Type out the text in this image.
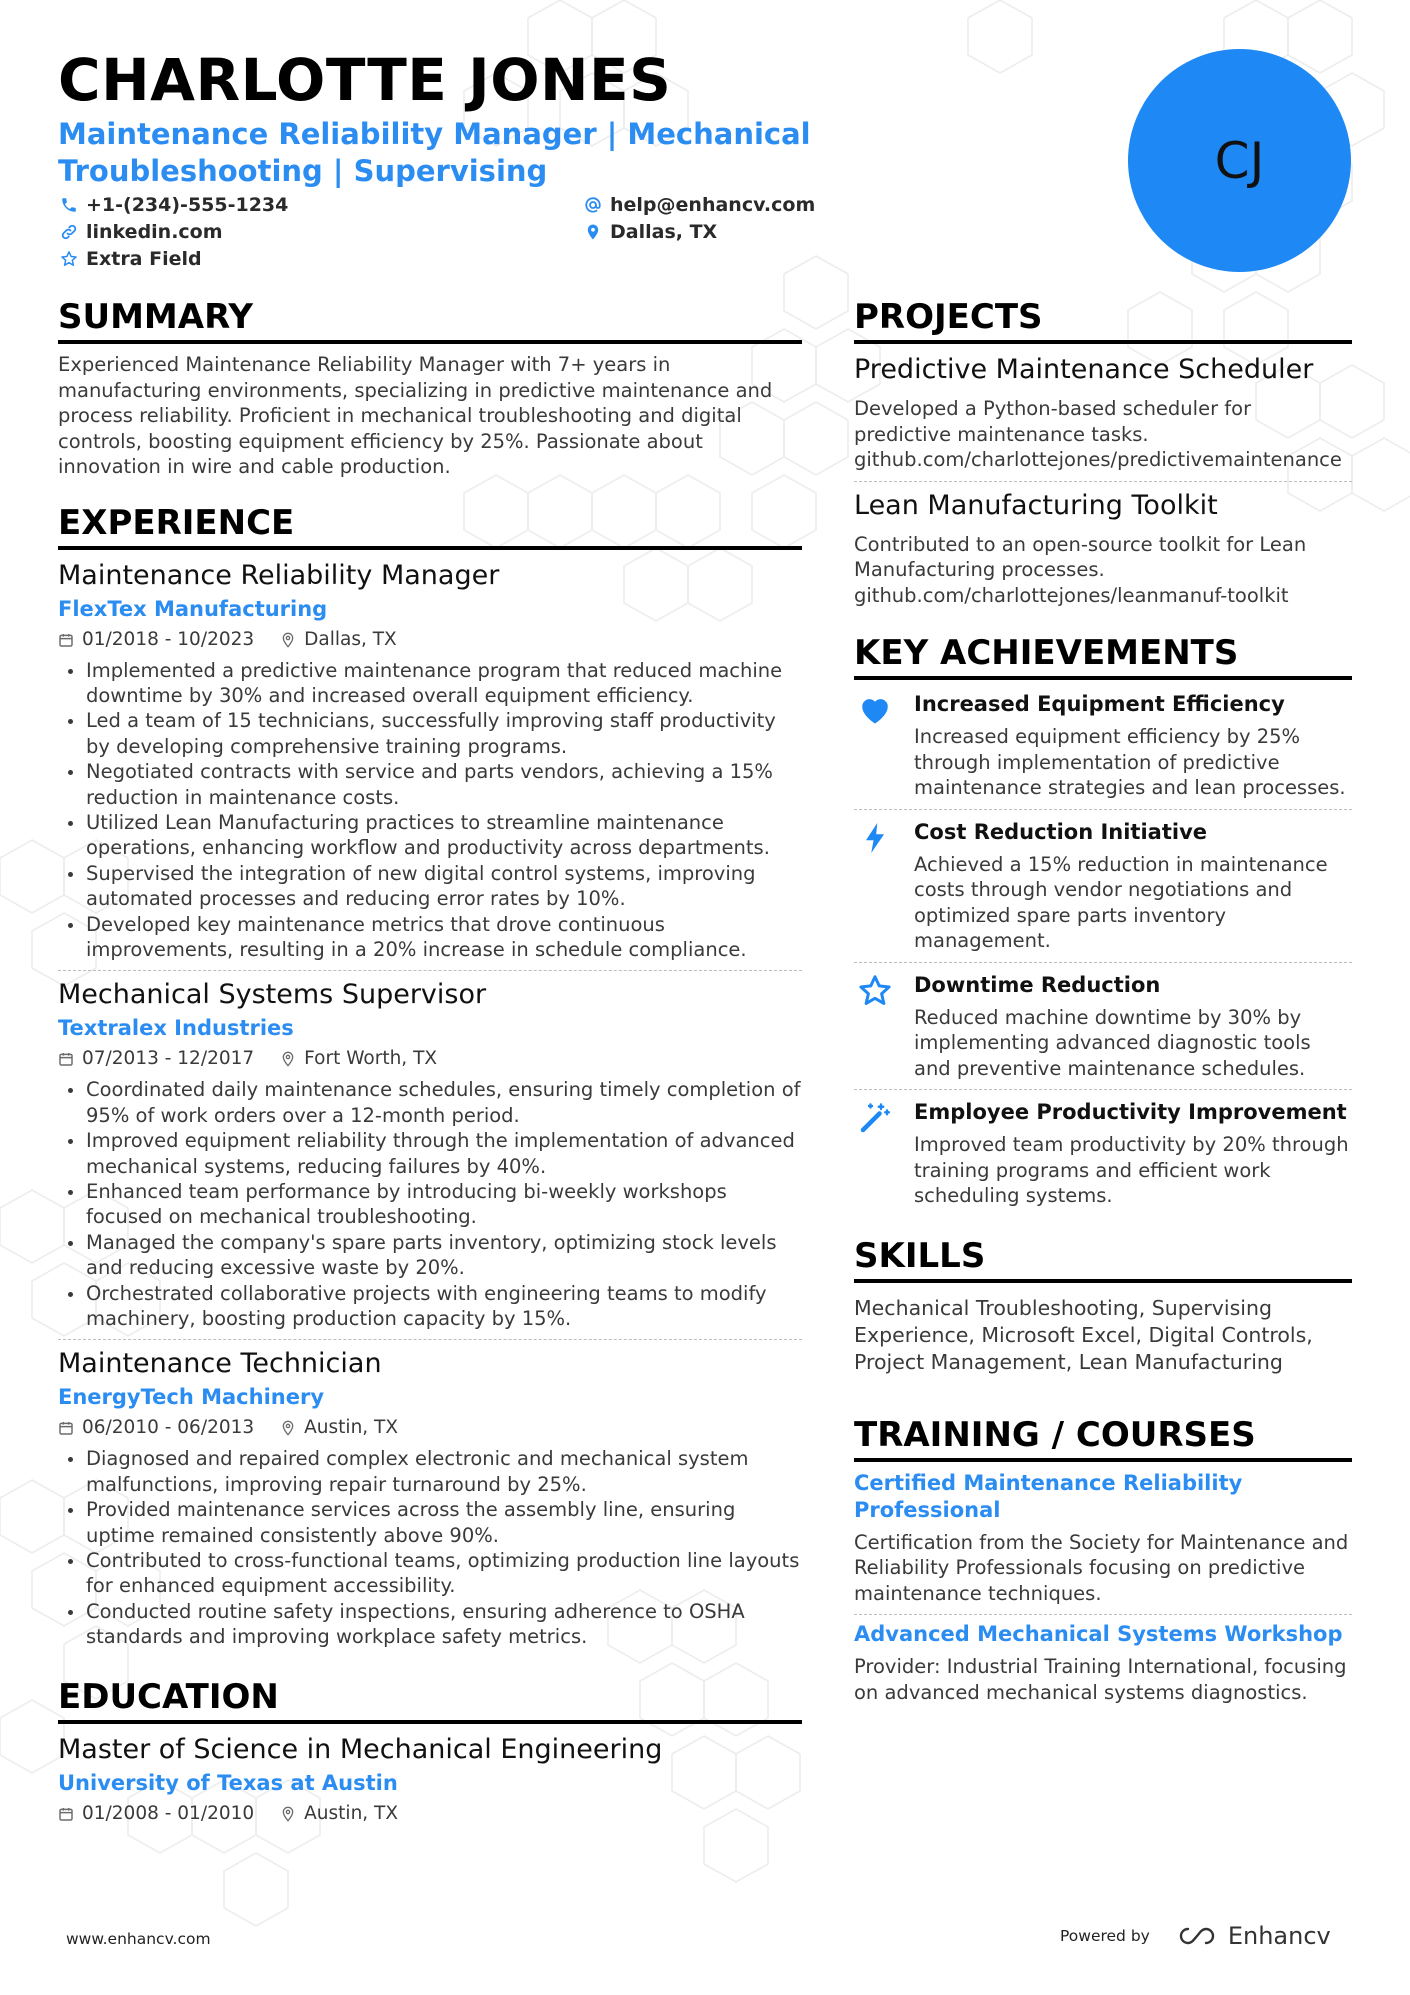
CHARLOTTE JONES
Maintenance Reliability Manager | Mechanical Troubleshooting | Supervising	CJ
+1-(234)-555-1234	help@enhancv.com
linkedin.com	Dallas, TX
Extra Field
SUMMARY
Experienced Maintenance Reliability Manager with 7+ years in manufacturing environments, specializing in predictive maintenance and process reliability. Proficient in mechanical troubleshooting and digital controls, boosting equipment efficiency by 25%. Passionate about innovation in wire and cable production.
EXPERIENCE
Maintenance Reliability Manager
FlexTex Manufacturing
01/2018 - 10/2023	Dallas, TX
Implemented a predictive maintenance program that reduced machine downtime by 30% and increased overall equipment efficiency.
Led a team of 15 technicians, successfully improving staff productivity by developing comprehensive training programs.
Negotiated contracts with service and parts vendors, achieving a 15% reduction in maintenance costs.
Utilized Lean Manufacturing practices to streamline maintenance operations, enhancing workflow and productivity across departments.
Supervised the integration of new digital control systems, improving automated processes and reducing error rates by 10%.
Developed key maintenance metrics that drove continuous improvements, resulting in a 20% increase in schedule compliance.
Mechanical Systems Supervisor
Textralex Industries
07/2013 - 12/2017	Fort Worth, TX
Coordinated daily maintenance schedules, ensuring timely completion of 95% of work orders over a 12-month period.
Improved equipment reliability through the implementation of advanced mechanical systems, reducing failures by 40%.
Enhanced team performance by introducing bi-weekly workshops focused on mechanical troubleshooting.
Managed the company's spare parts inventory, optimizing stock levels and reducing excessive waste by 20%.
Orchestrated collaborative projects with engineering teams to modify machinery, boosting production capacity by 15%.
Maintenance Technician
EnergyTech Machinery
06/2010 - 06/2013	Austin, TX
Diagnosed and repaired complex electronic and mechanical system malfunctions, improving repair turnaround by 25%.
Provided maintenance services across the assembly line, ensuring uptime remained consistently above 90%.
Contributed to cross-functional teams, optimizing production line layouts for enhanced equipment accessibility.
Conducted routine safety inspections, ensuring adherence to OSHA standards and improving workplace safety metrics.
EDUCATION
Master of Science in Mechanical Engineering
University of Texas at Austin
01/2008 - 01/2010	Austin, TX
PROJECTS
Predictive Maintenance Scheduler
Developed a Python-based scheduler for predictive maintenance tasks.
github.com/charlottejones/predictivemaintenance
Lean Manufacturing Toolkit
Contributed to an open-source toolkit for Lean Manufacturing processes.
github.com/charlottejones/leanmanuf-toolkit
KEY ACHIEVEMENTS
Increased Equipment Efficiency
Increased equipment efficiency by 25% through implementation of predictive maintenance strategies and lean processes.
Cost Reduction Initiative
Achieved a 15% reduction in maintenance costs through vendor negotiations and optimized spare parts inventory management.
Downtime Reduction
Reduced machine downtime by 30% by implementing advanced diagnostic tools and preventive maintenance schedules.
Employee Productivity Improvement
Improved team productivity by 20% through training programs and efficient work scheduling systems.
SKILLS
Mechanical Troubleshooting, Supervising Experience, Microsoft Excel, Digital Controls, Project Management, Lean Manufacturing
TRAINING / COURSES
Certified Maintenance Reliability Professional
Certification from the Society for Maintenance and Reliability Professionals focusing on predictive maintenance techniques.
Advanced Mechanical Systems Workshop
Provider: Industrial Training International, focusing on advanced mechanical systems diagnostics.
www.enhancv.com	Powered by	Enhancv
